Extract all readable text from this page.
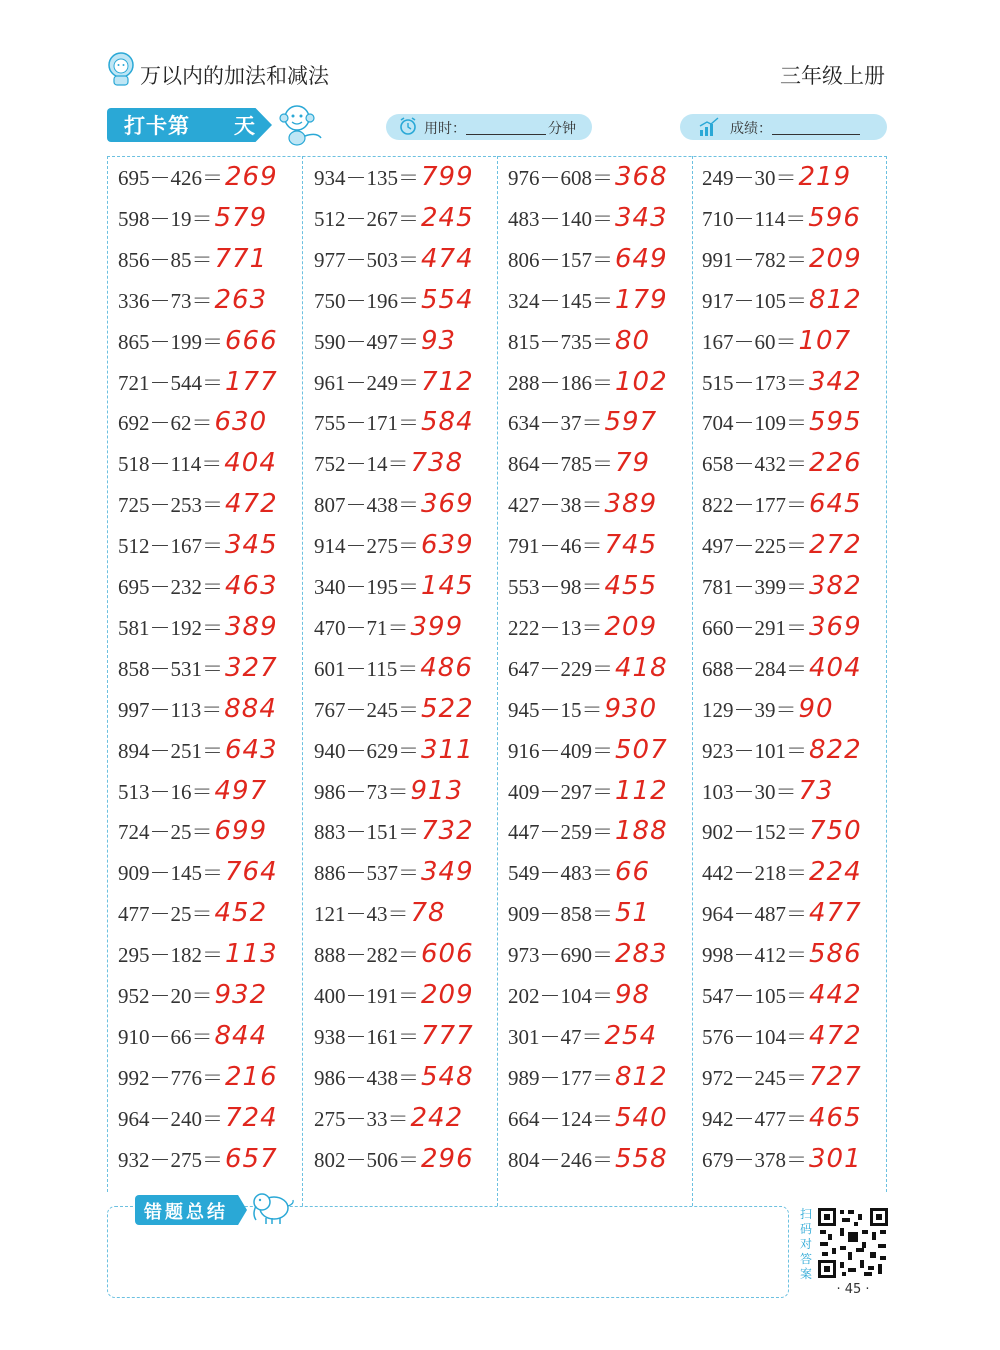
万以内的加法和减法	三年级上册
打卡第 天	用时：	分钟	成绩：
695－426＝ 269
598－19＝ 579
856－85＝ 771
336－73＝ 263
865－199＝ 666
721－544＝ 177
692－62＝ 630
518－114＝ 404
725－253＝ 472
512－167＝ 345
695－232＝ 463
581－192＝ 389
858－531＝ 327
997－113＝ 884
894－251＝ 643
513－16＝ 497
724－25＝ 699
909－145＝ 764
477－25＝ 452
295－182＝ 113
952－20＝ 932
910－66＝ 844
992－776＝ 216
964－240＝ 724
932－275＝ 657
934－135＝ 799
512－267＝ 245
977－503＝ 474
750－196＝ 554
590－497＝ 93
961－249＝ 712
755－171＝ 584
752－14＝ 738
807－438＝ 369
914－275＝ 639
340－195＝ 145
470－71＝ 399
601－115＝ 486
767－245＝ 522
940－629＝ 311
986－73＝ 913
883－151＝ 732
886－537＝ 349
121－43＝ 78
888－282＝ 606
400－191＝ 209
938－161＝ 777
986－438＝ 548
275－33＝ 242
802－506＝ 296
976－608＝ 368
483－140＝ 343
806－157＝ 649
324－145＝ 179
815－735＝ 80
288－186＝ 102
634－37＝ 597
864－785＝ 79
427－38＝ 389
791－46＝ 745
553－98＝ 455
222－13＝ 209
647－229＝ 418
945－15＝ 930
916－409＝ 507
409－297＝ 112
447－259＝ 188
549－483＝ 66
909－858＝ 51
973－690＝ 283
202－104＝ 98
301－47＝ 254
989－177＝ 812
664－124＝ 540
804－246＝ 558
249－30＝ 219
710－114＝ 596
991－782＝ 209
917－105＝ 812
167－60＝ 107
515－173＝ 342
704－109＝ 595
658－432＝ 226
822－177＝ 645
497－225＝ 272
781－399＝ 382
660－291＝ 369
688－284＝ 404
129－39＝ 90
923－101＝ 822
103－30＝ 73
902－152＝ 750
442－218＝ 224
964－487＝ 477
998－412＝ 586
547－105＝ 442
576－104＝ 472
972－245＝ 727
942－477＝ 465
679－378＝ 301
错题总结	扫码对答案
· 45 ·
